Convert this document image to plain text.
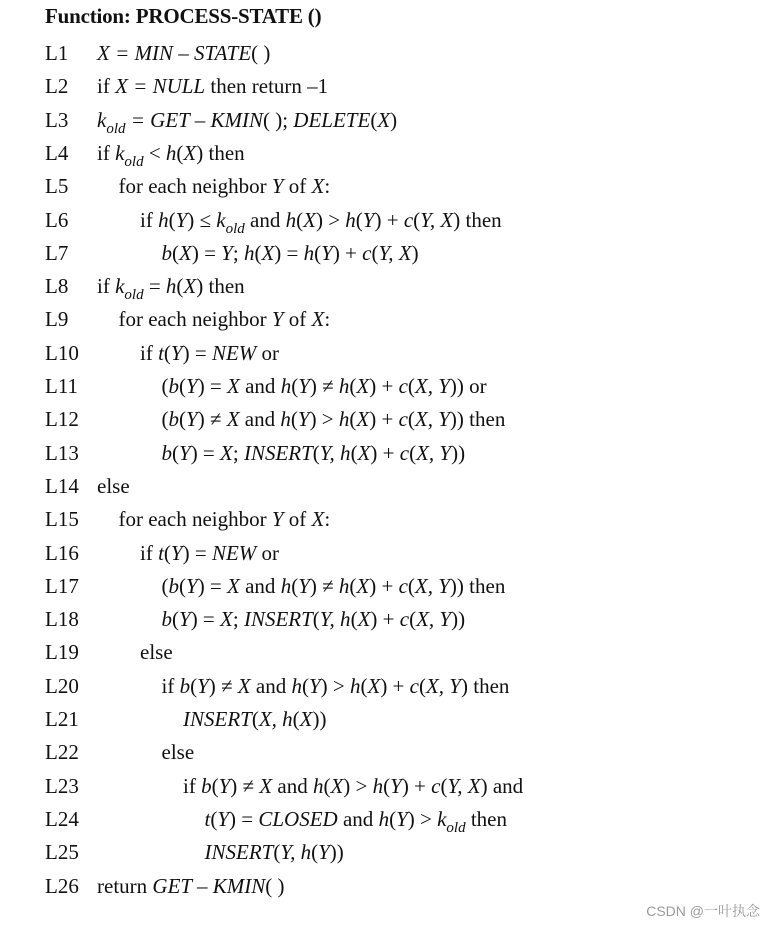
Function: PROCESS-STATE ()
L1 X = MIN – STATE( )
L2 if X = NULL then return –1
L3 $k_{old}$ = GET – KMIN( ); DELETE(X)
L4 if $k_{old} < h(X)$ then
L5 for each neighbor Y of X:
L6	if $h(Y) \le k_{old}$ and h(X) > h(Y) + c(Y, X) then
L7	b(X) = Y; h(X) = h(Y) + c(Y, X)
L8 if $k_{old} = h(X)$ then
L9 for each neighbor Y of X:
L10	if t(Y) = NEW or
L11	(b(Y) = X and h(Y) ≠ h(X) + c(X, Y)) or
L12	(b(Y) ≠ X and h(Y) > h(X) + c(X, Y)) then
L13	b(Y) = X; INSERT(Y, h(X) + c(X, Y))
L14 else
L15 for each neighbor Y of X:
L16	if t(Y) = NEW or
L17	(b(Y) = X and h(Y) ≠ h(X) + c(X, Y)) then
L18	b(Y) = X; INSERT(Y, h(X) + c(X, Y))
L19	else
L20	if b(Y) ≠ X and h(Y) > h(X) + c(X, Y) then
L21	INSERT(X, h(X))
L22	else
L23	if b(Y) ≠ X and h(X) > h(Y) + c(Y, X) and
L24	t(Y) = CLOSED and $h(Y) > k_{old}$ then
L25	INSERT(Y, h(Y))
L26 return GET – KMIN( )
CSDN @一叶执念
